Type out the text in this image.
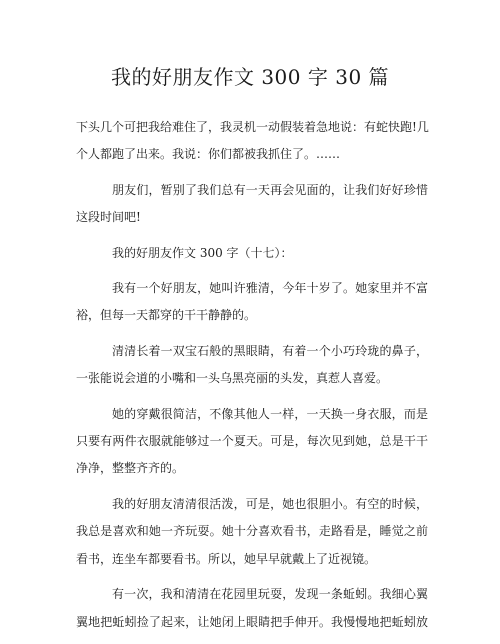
我的好朋友作文 300 字 30 篇

下头几个可把我给难住了，我灵机一动假装着急地说：有蛇快跑!几
个人都跑了出来。我说：你们都被我抓住了。……

朋友们，暂别了我们总有一天再会见面的，让我们好好珍惜
这段时间吧!

我的好朋友作文 300 字（十七）：

我有一个好朋友，她叫许雅清，今年十岁了。她家里并不富
裕，但每一天都穿的干干静静的。

清清长着一双宝石般的黑眼睛，有着一个小巧玲珑的鼻子，
一张能说会道的小嘴和一头乌黑亮丽的头发，真惹人喜爱。

她的穿戴很简洁，不像其他人一样，一天换一身衣服，而是
只要有两件衣服就能够过一个夏天。可是，每次见到她，总是干干
净净，整整齐齐的。

我的好朋友清清很活泼，可是，她也很胆小。有空的时候，
我总是喜欢和她一齐玩耍。她十分喜欢看书，走路看是，睡觉之前
看书，连坐车都要看书。所以，她早早就戴上了近视镜。

有一次，我和清清在花园里玩耍，发现一条蚯蚓。我细心翼
翼地把蚯蚓捡了起来，让她闭上眼睛把手伸开。我慢慢地把蚯蚓放
